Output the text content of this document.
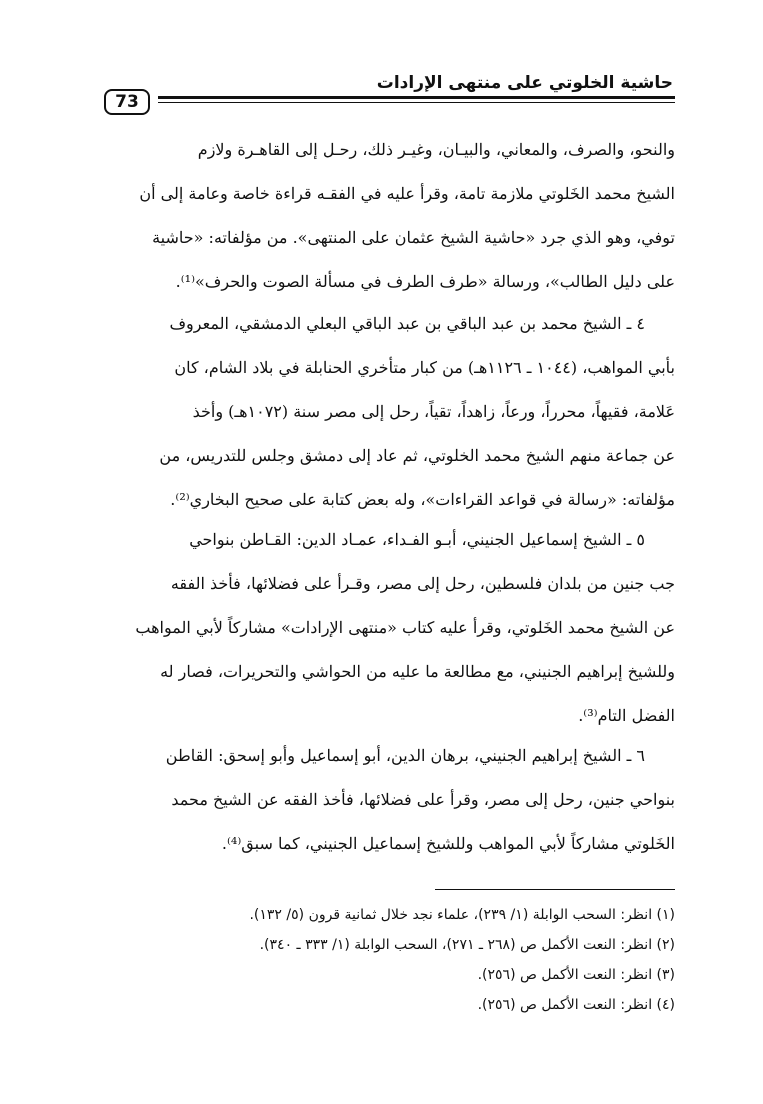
حاشية الخلوتي على منتهى الإرادات
73
والنحو، والصرف، والمعاني، والبيـان، وغيـر ذلك، رحـل إلى القاهـرة ولازم
الشيخ محمد الخَلوتي ملازمة تامة، وقرأ عليه في الفقـه قراءة خاصة وعامة إلى أن
توفي، وهو الذي جرد «حاشية الشيخ عثمان على المنتهى». من مؤلفاته: «حاشية
على دليل الطالب»، ورسالة «طرف الطرف في مسألة الصوت والحرف»⁽¹⁾.
٤ ـ الشيخ محمد بن عبد الباقي بن عبد الباقي البعلي الدمشقي، المعروف
بأبي المواهب، (١٠٤٤ ـ ١١٢٦هـ) من كبار متأخري الحنابلة في بلاد الشام، كان
عَلامة، فقيهاً، محرراً، ورعاً، زاهداً، تقياً، رحل إلى مصر سنة (١٠٧٢هـ) وأخذ
عن جماعة منهم الشيخ محمد الخلوتي، ثم عاد إلى دمشق وجلس للتدريس، من
مؤلفاته: «رسالة في قواعد القراءات»، وله بعض كتابة على صحيح البخاري⁽²⁾.
٥ ـ الشيخ إسماعيل الجنيني، أبـو الفـداء، عمـاد الدين: القـاطن بنواحي
جب جنين من بلدان فلسطين، رحل إلى مصر، وقـرأ على فضلائها، فأخذ الفقه
عن الشيخ محمد الخَلوتي، وقرأ عليه كتاب «منتهى الإرادات» مشاركاً لأبي المواهب
وللشيخ إبراهيم الجنيني، مع مطالعة ما عليه من الحواشي والتحريرات، فصار له
الفضل التام⁽³⁾.
٦ ـ الشيخ إبراهيم الجنيني، برهان الدين، أبو إسماعيل وأبو إسحق: القاطن
بنواحي جنين، رحل إلى مصر، وقرأ على فضلائها، فأخذ الفقه عن الشيخ محمد
الخَلوتي مشاركاً لأبي المواهب وللشيخ إسماعيل الجنيني، كما سبق⁽⁴⁾.
(١) انظر: السحب الوابلة (١/ ٢٣٩)، علماء نجد خلال ثمانية قرون (٥/ ١٣٢).
(٢) انظر: النعت الأكمل ص (٢٦٨ ـ ٢٧١)، السحب الوابلة (١/ ٣٣٣ ـ ٣٤٠).
(٣) انظر: النعت الأكمل ص (٢٥٦).
(٤) انظر: النعت الأكمل ص (٢٥٦).
